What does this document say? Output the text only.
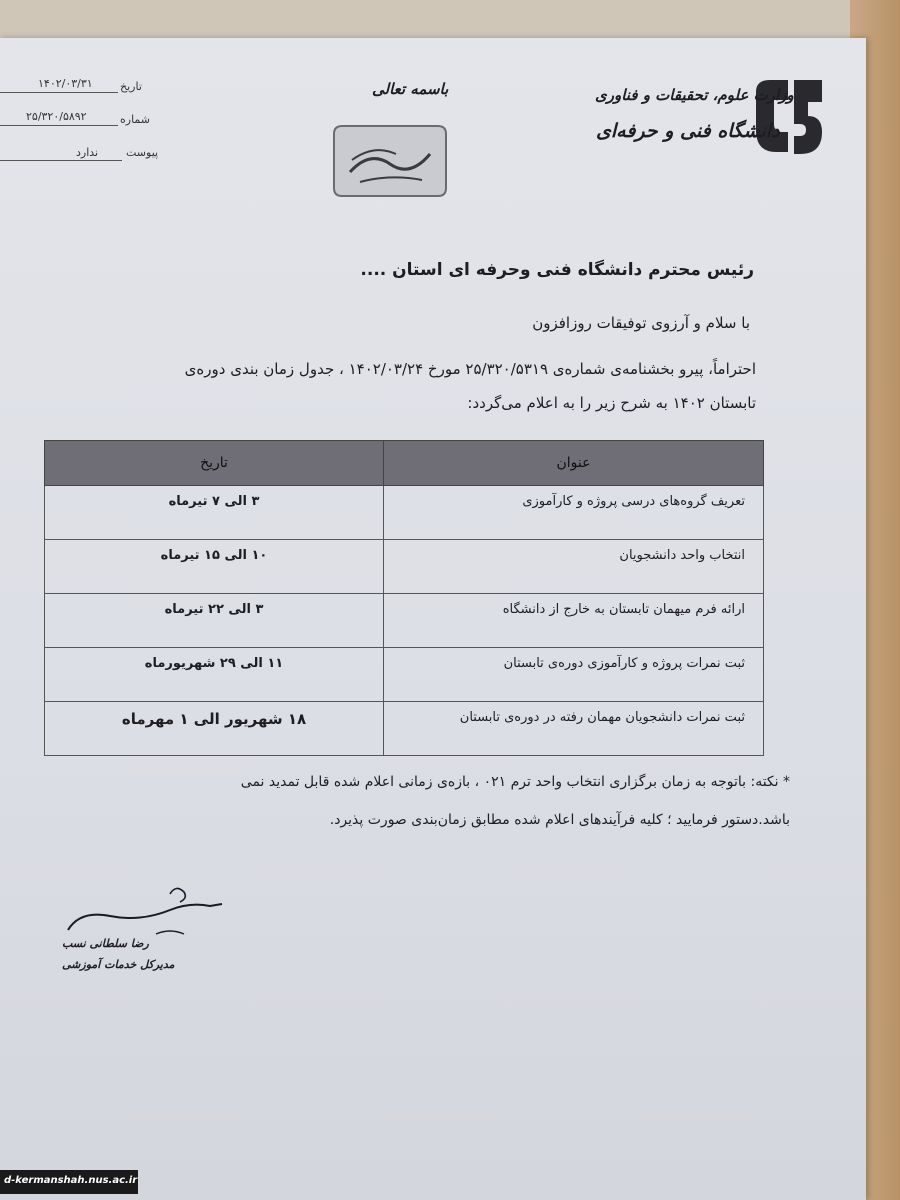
وزارت علوم، تحقیقات و فناوری
دانشگاه فنی و حرفه‌ای
باسمه تعالی
تاریخ
۱۴۰۲/۰۳/۳۱
شماره
۲۵/۳۲۰/۵۸۹۲
پیوست
ندارد
رئیس محترم دانشگاه فنی وحرفه ای استان ....
با سلام و آرزوی توفیقات روزافزون
احتراماً، پیرو بخشنامه‌ی شماره‌ی ۲۵/۳۲۰/۵۳۱۹ مورخ ۱۴۰۲/۰۳/۲۴ ، جدول زمان بندی دوره‌ی
تابستان ۱۴۰۲ به شرح زیر را به اعلام می‌گردد:
عنوان	تاریخ
تعریف گروه‌های درسی پروژه و کارآموزی	۳ الی ۷ تیرماه
انتخاب واحد دانشجویان	۱۰ الی ۱۵ تیرماه
ارائه فرم میهمان تابستان به خارج از دانشگاه	۳ الی ۲۲ تیرماه
ثبت نمرات پروژه و کارآموزی دوره‌ی تابستان	۱۱ الی ۲۹ شهریورماه
ثبت نمرات دانشجویان مهمان رفته در دوره‌ی تابستان	۱۸ شهریور الی ۱ مهرماه
* نکته: باتوجه به زمان برگزاری انتخاب واحد ترم ۰۲۱ ، بازه‌ی زمانی اعلام شده قابل تمدید نمی
باشد.دستور فرمایید ؛ کلیه فرآیندهای اعلام شده مطابق زمان‌بندی صورت پذیرد.
رضا سلطانی نسب
مدیرکل خدمات آموزشی
d-kermanshah.nus.ac.ir
